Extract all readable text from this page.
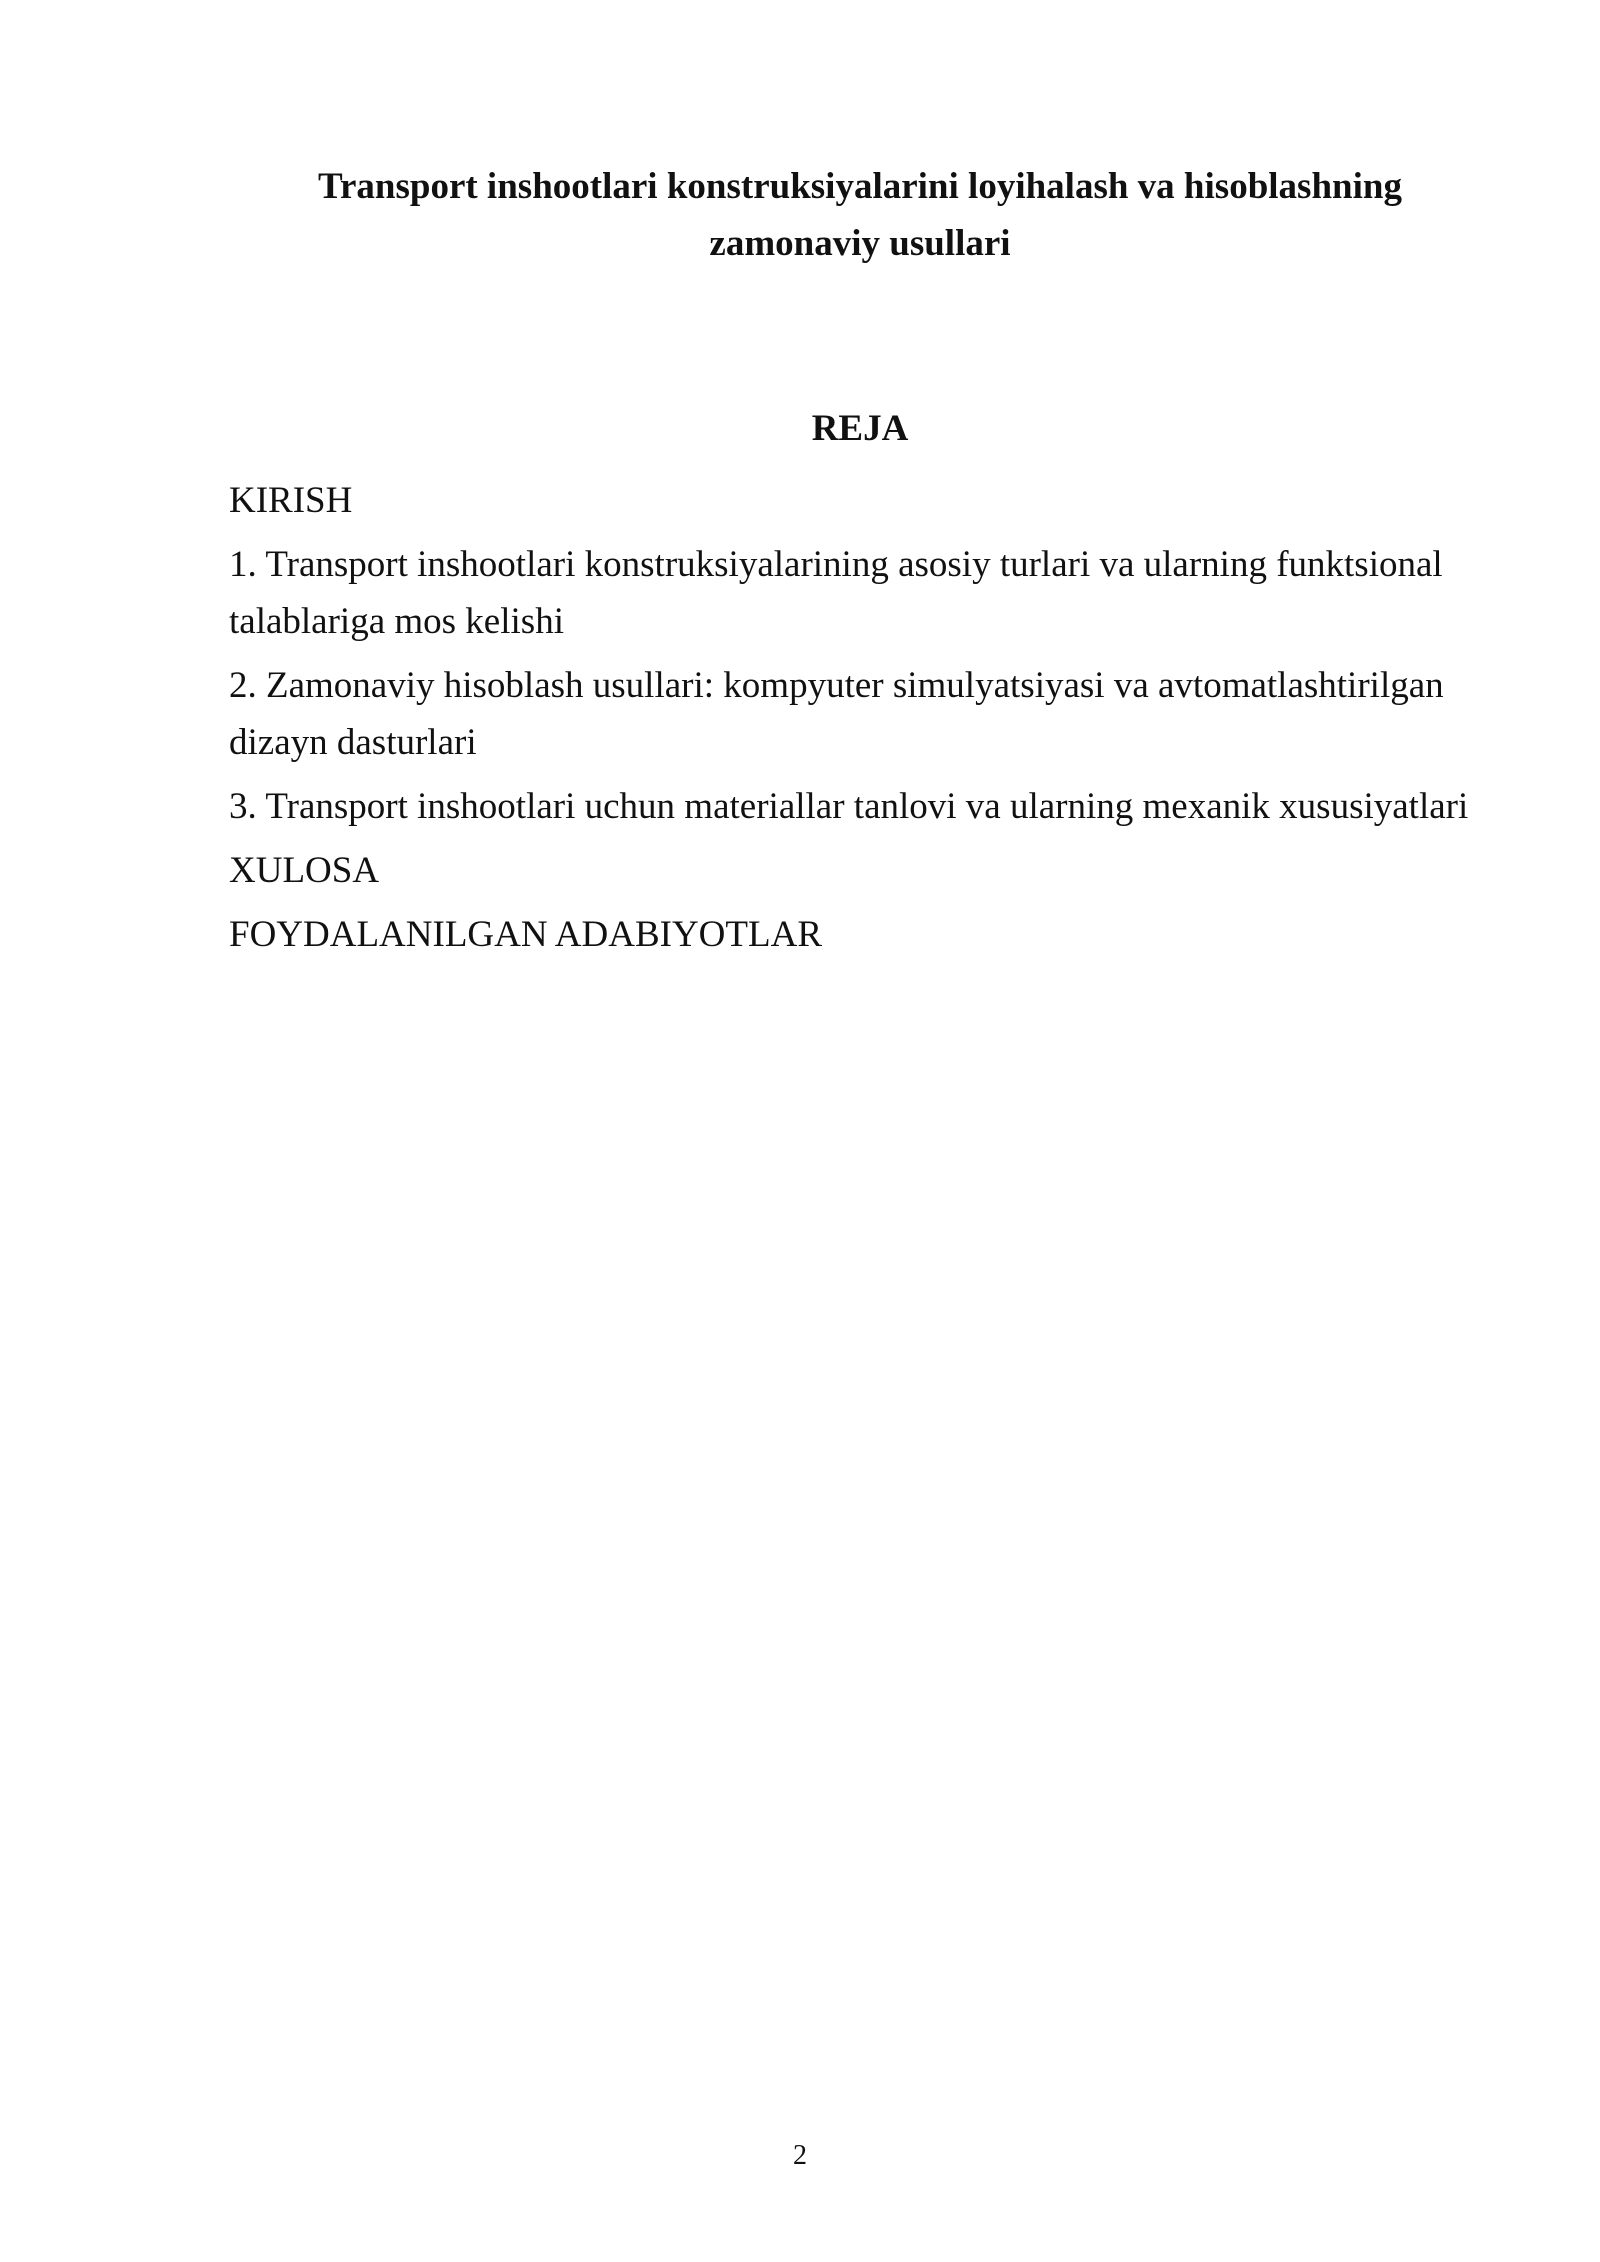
Transport inshootlari konstruksiyalarini loyihalash va hisoblashning
zamonaviy usullari
REJA
KIRISH
1. Transport inshootlari konstruksiyalarining asosiy turlari va ularning funktsional talablariga mos kelishi
2. Zamonaviy hisoblash usullari: kompyuter simulyatsiyasi va avtomatlashtirilgan dizayn dasturlari
3. Transport inshootlari uchun materiallar tanlovi va ularning mexanik xususiyatlari
XULOSA
FOYDALANILGAN ADABIYOTLAR
2
